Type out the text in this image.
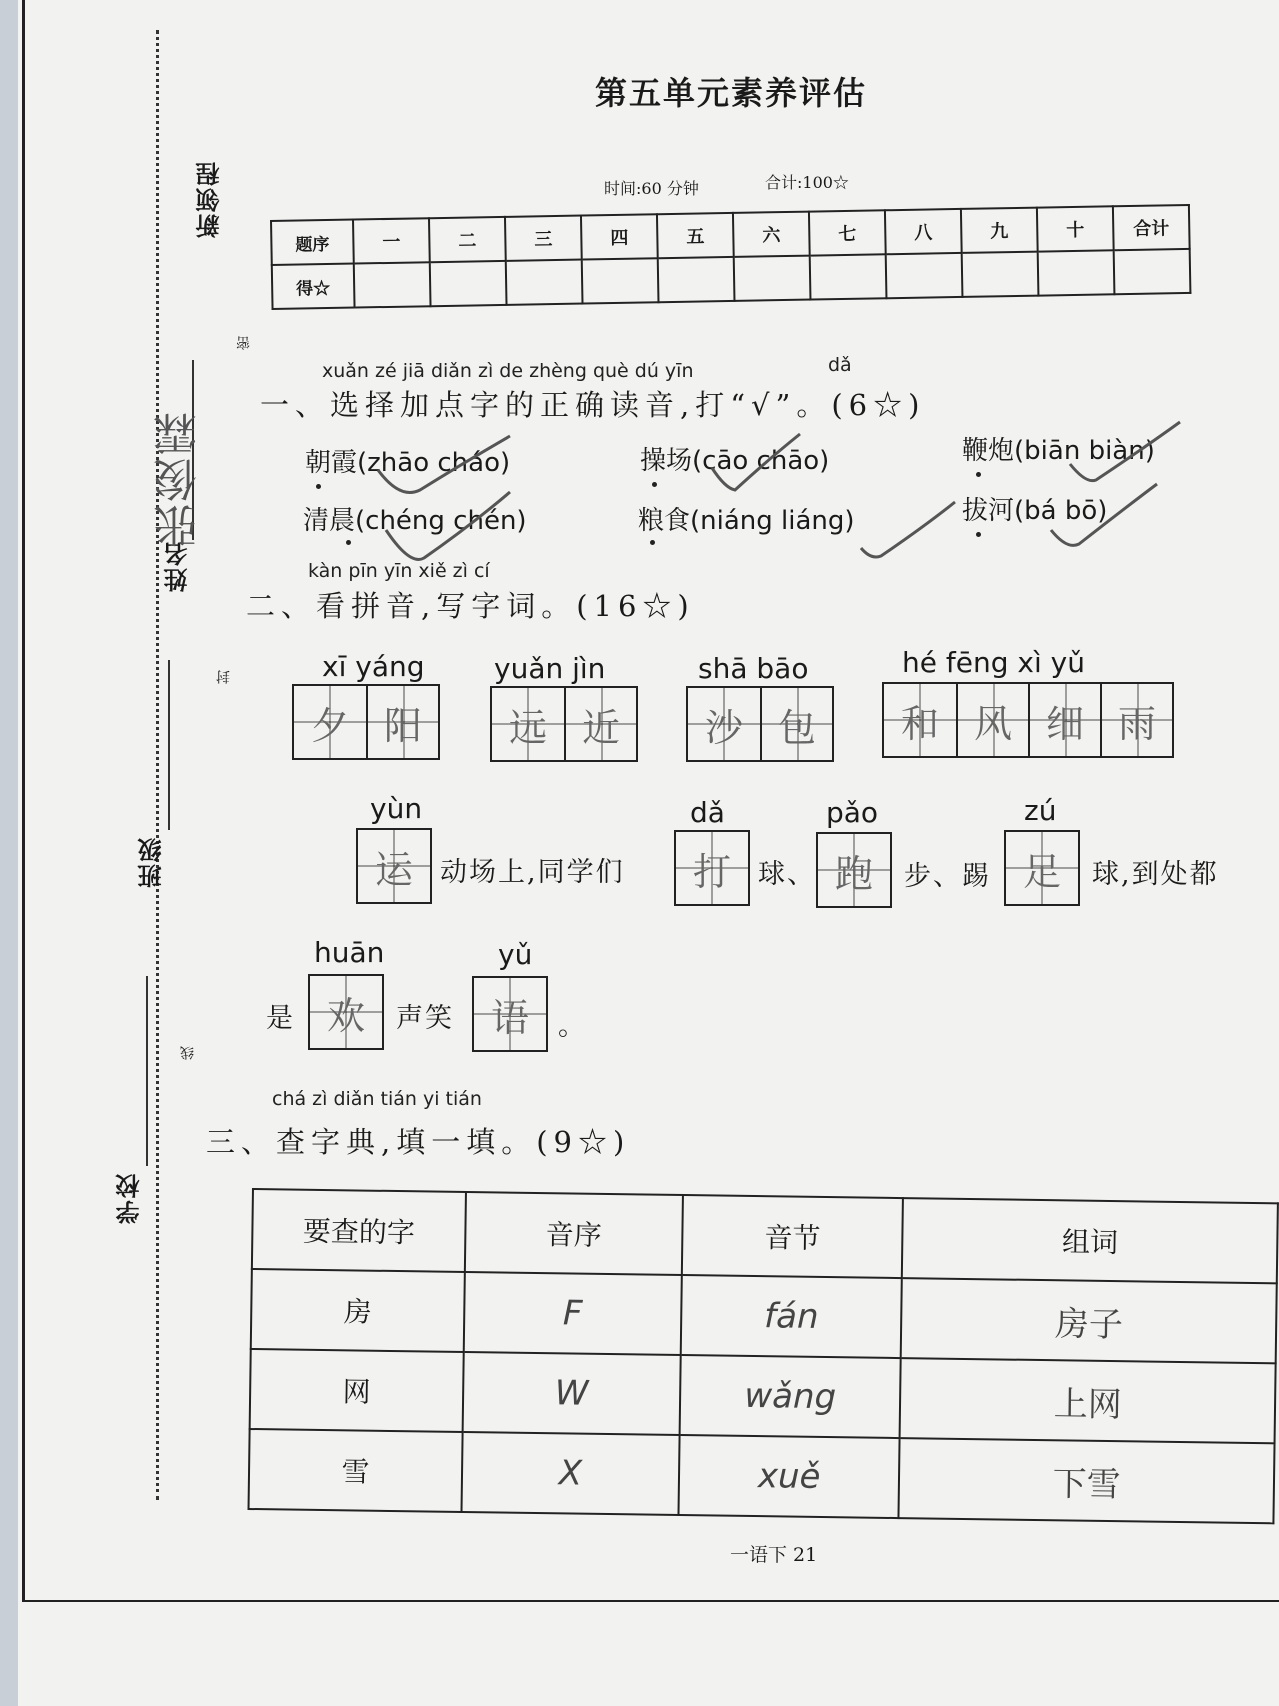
新领程
密
封
线
姓名
张俊霖
班级
学校
第五单元素养评估
时间:60 分钟	合计:100☆
题序	一	二	三	四	五	六	七	八	九	十	合计
得☆											
xuǎn zé jiā diǎn zì de zhèng què dú yīn	dǎ
一、选择加点字的正确读音,打“√”。(6☆)
朝霞(zhāo cháo)	操场(cāo chāo)	鞭炮(biān biàn)
清晨(chéng chén)	粮食(niáng liáng)	拔河(bá bō)
kàn pīn yīn xiě zì cí
二、看拼音,写字词。(16☆)
xī yáng
夕 阳
yuǎn jìn
远 近
shā bāo
沙 包
hé fēng xì yǔ
和 风 细 雨
yùn
运	动场上,同学们
dǎ
打	球、
pǎo
跑	步、踢
zú
足	球,到处都
是
huān
欢	声笑
yǔ
语	。
chá zì diǎn tián yi tián
三、查字典,填一填。(9☆)
要查的字	音序	音节	组词
房	F	fán	房子
网	W	wǎng	上网
雪	X	xuě	下雪
一语下 21
